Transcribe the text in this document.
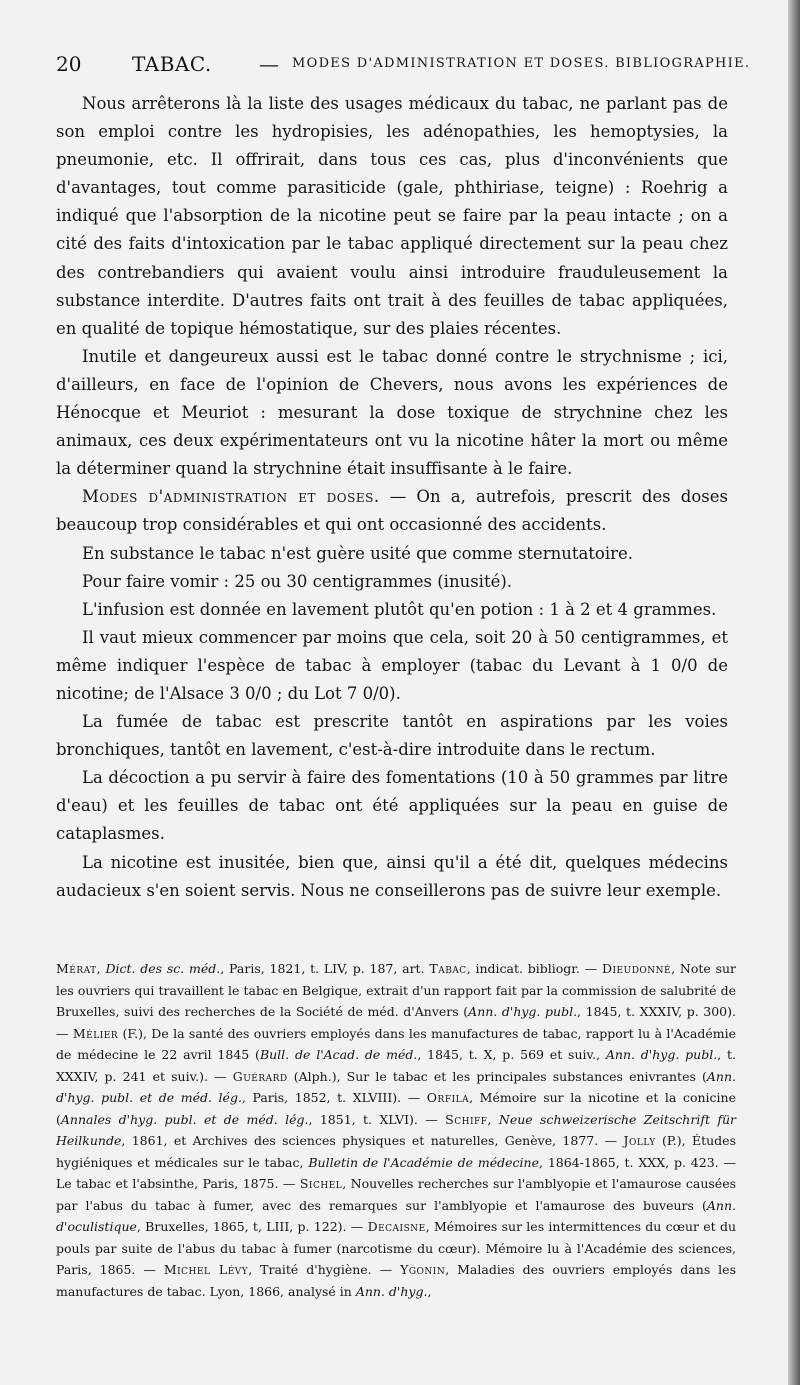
20	TABAC. — MODES D'ADMINISTRATION ET DOSES. BIBLIOGRAPHIE.

Nous arrêterons là la liste des usages médicaux du tabac, ne parlant pas de son emploi contre les hydropisies, les adénopathies, les hemoptysies, la pneumonie, etc. Il offrirait, dans tous ces cas, plus d'inconvénients que d'avantages, tout comme parasiticide (gale, phthiriase, teigne) : Roehrig a indiqué que l'absorption de la nicotine peut se faire par la peau intacte ; on a cité des faits d'intoxication par le tabac appliqué directement sur la peau chez des contrebandiers qui avaient voulu ainsi introduire frauduleusement la substance interdite. D'autres faits ont trait à des feuilles de tabac appliquées, en qualité de topique hémostatique, sur des plaies récentes.

Inutile et dangeureux aussi est le tabac donné contre le strychnisme ; ici, d'ailleurs, en face de l'opinion de Chevers, nous avons les expériences de Hénocque et Meuriot : mesurant la dose toxique de strychnine chez les animaux, ces deux expérimentateurs ont vu la nicotine hâter la mort ou même la déterminer quand la strychnine était insuffisante à le faire.

Modes d'administration et doses. — On a, autrefois, prescrit des doses beaucoup trop considérables et qui ont occasionné des accidents.

En substance le tabac n'est guère usité que comme sternutatoire.

Pour faire vomir : 25 ou 30 centigrammes (inusité).

L'infusion est donnée en lavement plutôt qu'en potion : 1 à 2 et 4 grammes.

Il vaut mieux commencer par moins que cela, soit 20 à 50 centigrammes, et même indiquer l'espèce de tabac à employer (tabac du Levant à 1 0/0 de nicotine; de l'Alsace 3 0/0 ; du Lot 7 0/0).

La fumée de tabac est prescrite tantôt en aspirations par les voies bronchiques, tantôt en lavement, c'est-à-dire introduite dans le rectum.

La décoction a pu servir à faire des fomentations (10 à 50 grammes par litre d'eau) et les feuilles de tabac ont été appliquées sur la peau en guise de cataplasmes.

La nicotine est inusitée, bien que, ainsi qu'il a été dit, quelques médecins audacieux s'en soient servis. Nous ne conseillerons pas de suivre leur exemple.

Mérat, Dict. des sc. méd., Paris, 1821, t. LIV, p. 187, art. Tabac, indicat. bibliogr. — Dieudonné, Note sur les ouvriers qui travaillent le tabac en Belgique, extrait d'un rapport fait par la commission de salubrité de Bruxelles, suivi des recherches de la Société de méd. d'Anvers (Ann. d'hyg. publ., 1845, t. XXXIV, p. 300). — Mélier (F.), De la santé des ouvriers employés dans les manufactures de tabac, rapport lu à l'Académie de médecine le 22 avril 1845 (Bull. de l'Acad. de méd., 1845, t. X, p. 569 et suiv., Ann. d'hyg. publ., t. XXXIV, p. 241 et suiv.). — Guérard (Alph.), Sur le tabac et les principales substances enivrantes (Ann. d'hyg. publ. et de méd. lég., Paris, 1852, t. XLVIII). — Orfila, Mémoire sur la nicotine et la conicine (Annales d'hyg. publ. et de méd. lég., 1851, t. XLVI). — Schiff, Neue schweizerische Zeitschrift für Heilkunde, 1861, et Archives des sciences physiques et naturelles, Genève, 1877. — Jolly (P.), Études hygiéniques et médicales sur le tabac, Bulletin de l'Académie de médecine, 1864-1865, t. XXX, p. 423. — Le tabac et l'absinthe, Paris, 1875. — Sichel, Nouvelles recherches sur l'amblyopie et l'amaurose causées par l'abus du tabac à fumer, avec des remarques sur l'amblyopie et l'amaurose des buveurs (Ann. d'oculistique, Bruxelles, 1865, t, LIII, p. 122). — Decaisne, Mémoires sur les intermittences du cœur et du pouls par suite de l'abus du tabac à fumer (narcotisme du cœur). Mémoire lu à l'Académie des sciences, Paris, 1865. — Michel Lévy, Traité d'hygiène. — Ygonin, Maladies des ouvriers employés dans les manufactures de tabac. Lyon, 1866, analysé in Ann. d'hyg.,
